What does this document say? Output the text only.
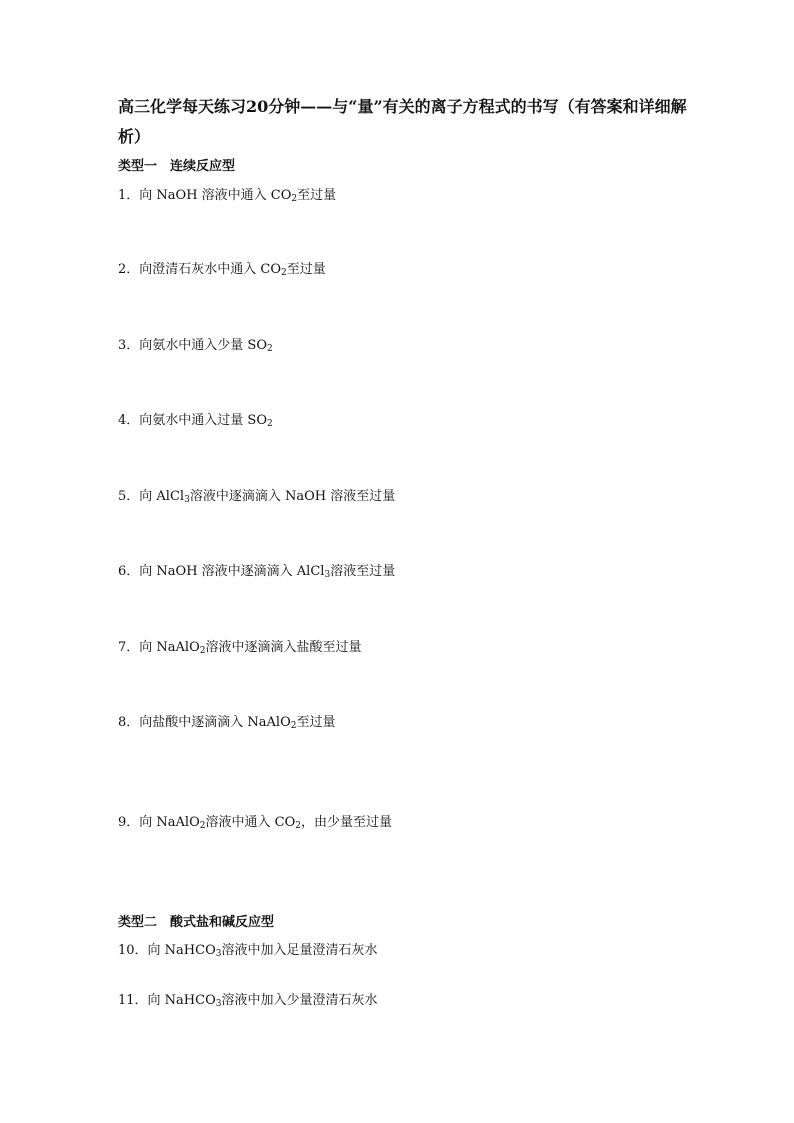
高三化学每天练习20分钟——与“量”有关的离子方程式的书写（有答案和详细解析）
类型一　连续反应型
1．向 NaOH 溶液中通入 $CO_2$至过量
2．向澄清石灰水中通入 $CO_2$至过量
3．向氨水中通入少量 $SO_2$
4．向氨水中通入过量 $SO_2$
5．向 AlCl$_3$溶液中逐滴滴入 NaOH 溶液至过量
6．向 NaOH 溶液中逐滴滴入 AlCl$_3$溶液至过量
7．向 NaAlO$_2$溶液中逐滴滴入盐酸至过量
8．向盐酸中逐滴滴入 NaAlO$_2$至过量
9．向 NaAlO$_2$溶液中通入 $CO_2$，由少量至过量
类型二　酸式盐和碱反应型
10．向 NaHCO$_3$溶液中加入足量澄清石灰水
11．向 NaHCO$_3$溶液中加入少量澄清石灰水
